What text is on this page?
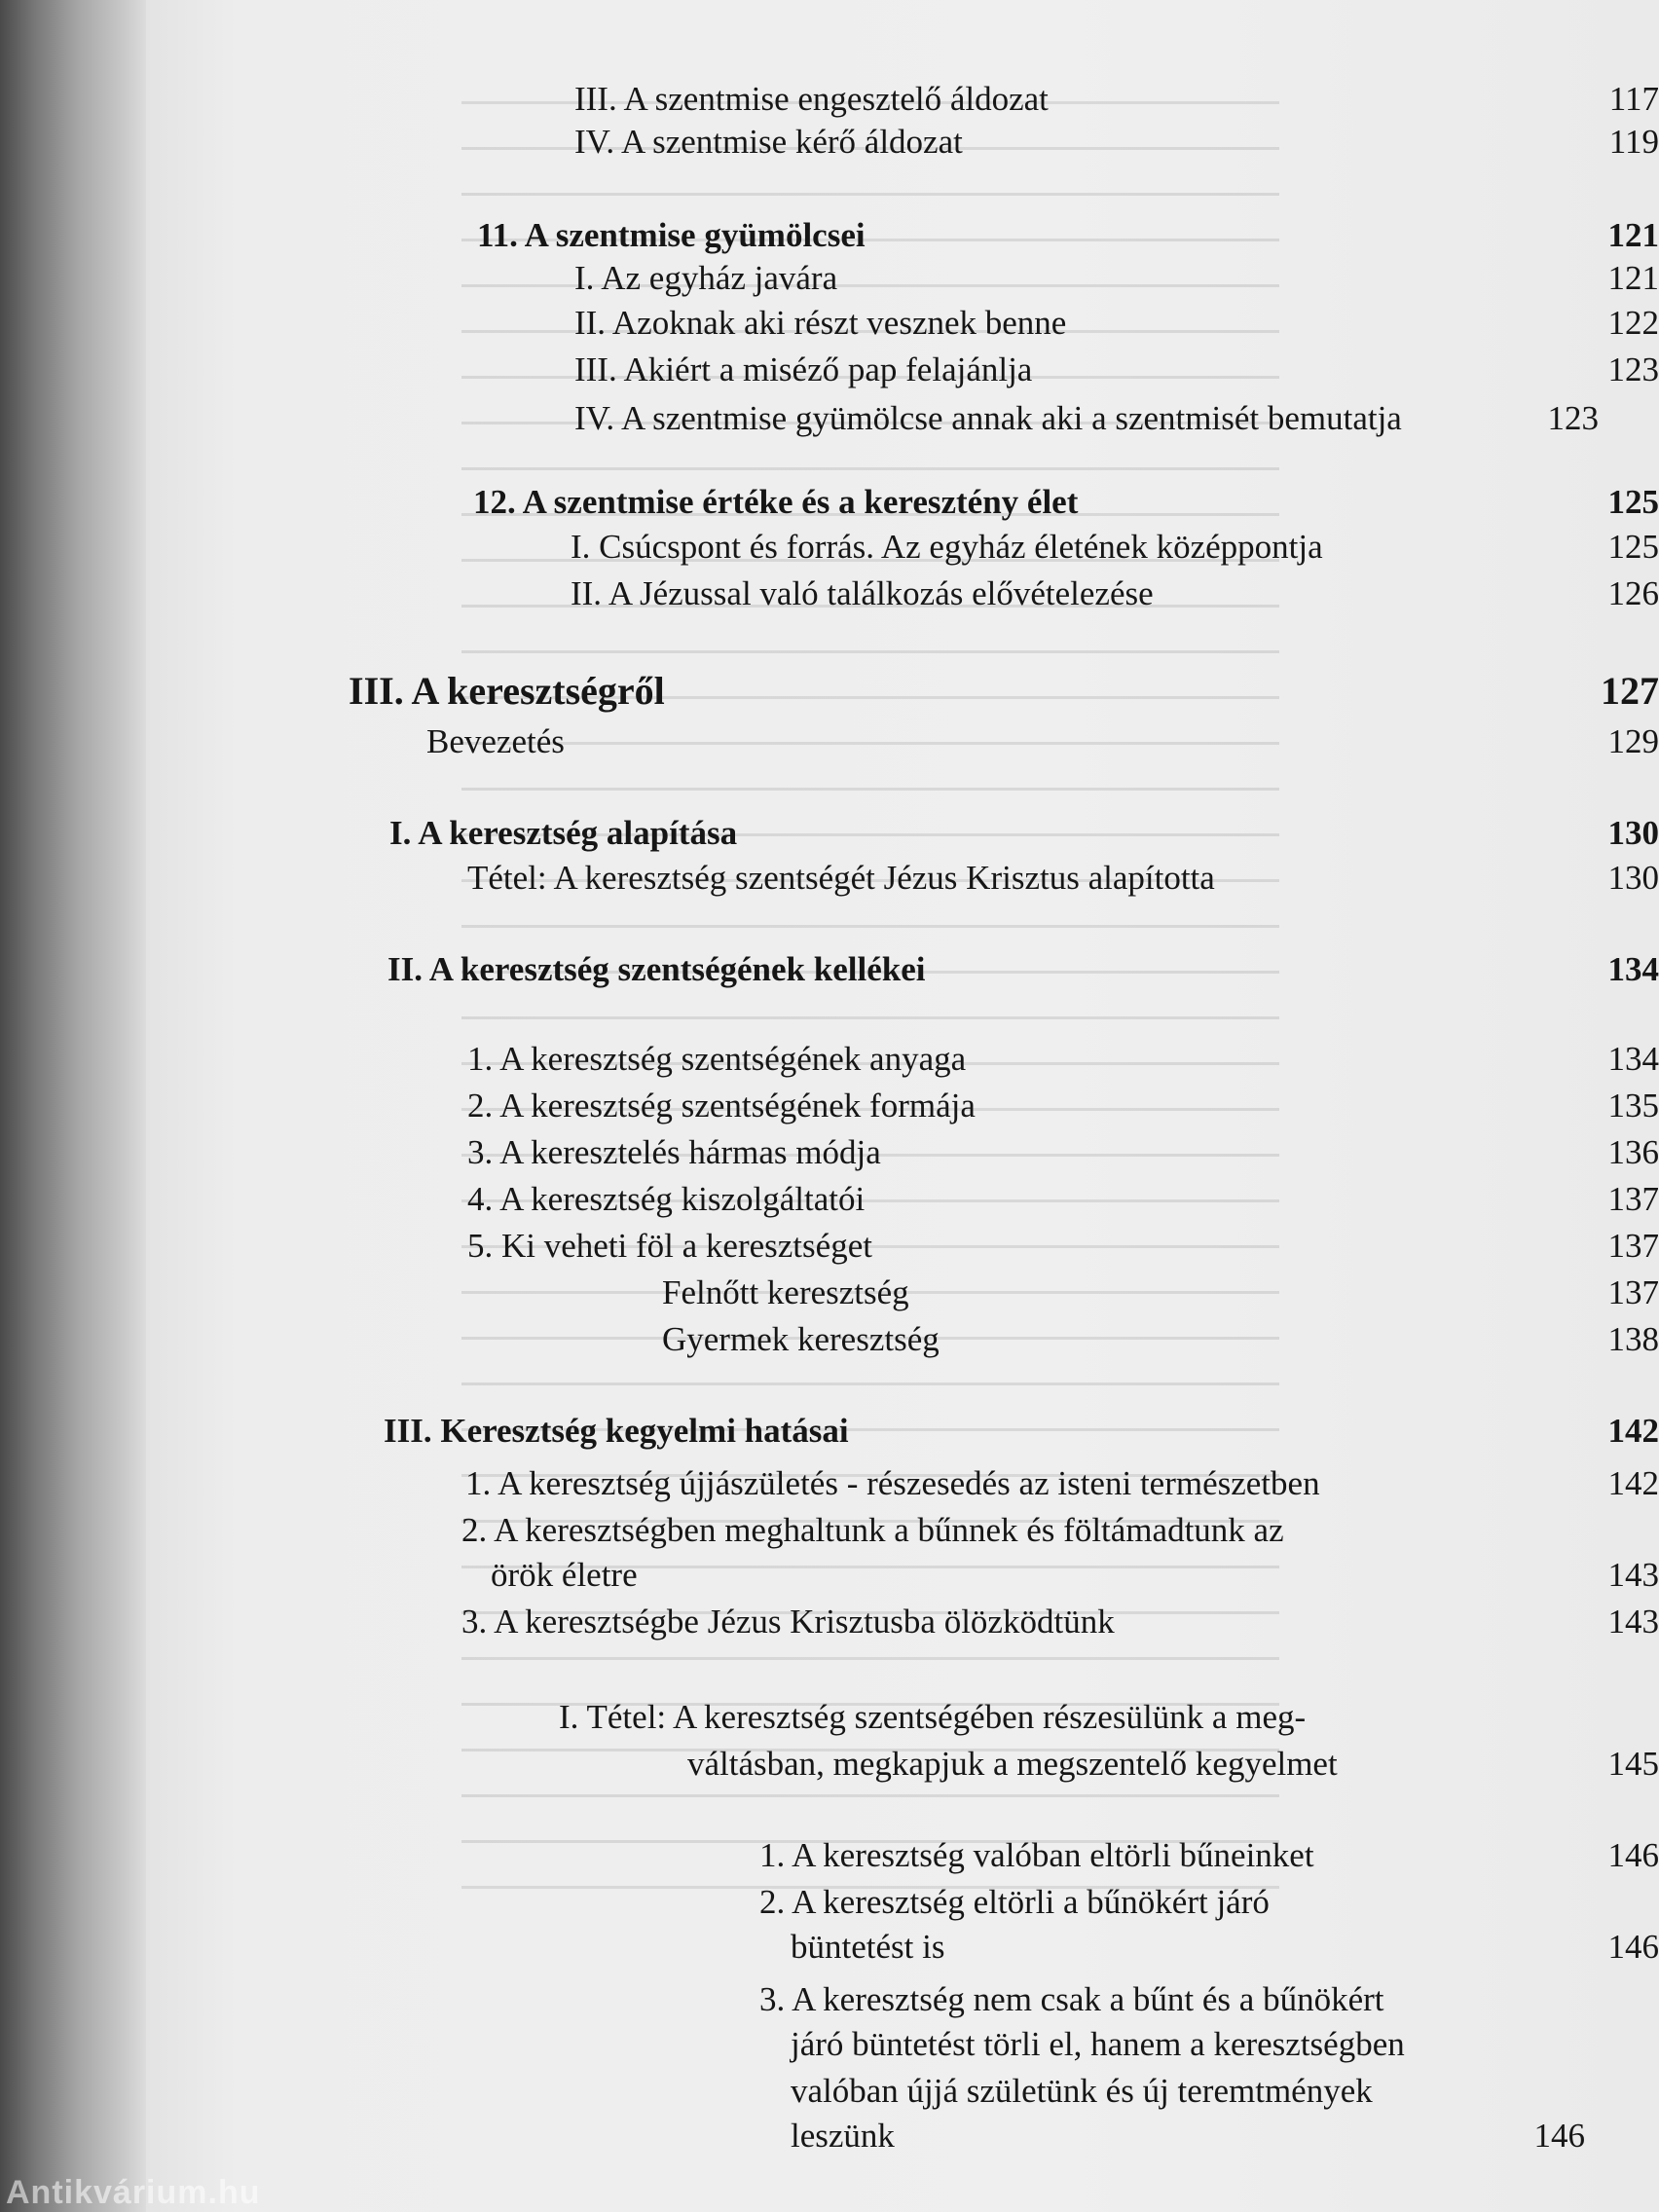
III. A szentmise engesztelő áldozat	117
IV. A szentmise kérő áldozat	119
11. A szentmise gyümölcsei	121
I. Az egyház javára	121
II. Azoknak aki részt vesznek benne	122
III. Akiért a miséző pap felajánlja	123
IV. A szentmise gyümölcse annak aki a szentmisét bemutatja	123
12. A szentmise értéke és a keresztény élet	125
I. Csúcspont és forrás. Az egyház életének középpontja	125
II. A Jézussal való találkozás elővételezése	126
III. A keresztségről	127
Bevezetés	129
I. A keresztség alapítása	130
Tétel: A keresztség szentségét Jézus Krisztus alapította	130
II. A keresztség szentségének kellékei	134
1. A keresztség szentségének anyaga	134
2. A keresztség szentségének formája	135
3. A keresztelés hármas módja	136
4. A keresztség kiszolgáltatói	137
5. Ki veheti föl a keresztséget	137
Felnőtt keresztség	137
Gyermek keresztség	138
III. Keresztség kegyelmi hatásai	142
1. A keresztség újjászületés - részesedés az isteni természetben	142
2. A keresztségben meghaltunk a bűnnek és föltámadtunk az
örök életre	143
3. A keresztségbe Jézus Krisztusba ölözködtünk	143
I. Tétel: A keresztség szentségében részesülünk a meg-
váltásban, megkapjuk a megszentelő kegyelmet	145
1. A keresztség valóban eltörli bűneinket	146
2. A keresztség eltörli a bűnökért járó
büntetést is	146
3. A keresztség nem csak a bűnt és a bűnökért
járó büntetést törli el, hanem a keresztségben
valóban újjá születünk és új teremtmények
leszünk	146
Antikvárium.hu
